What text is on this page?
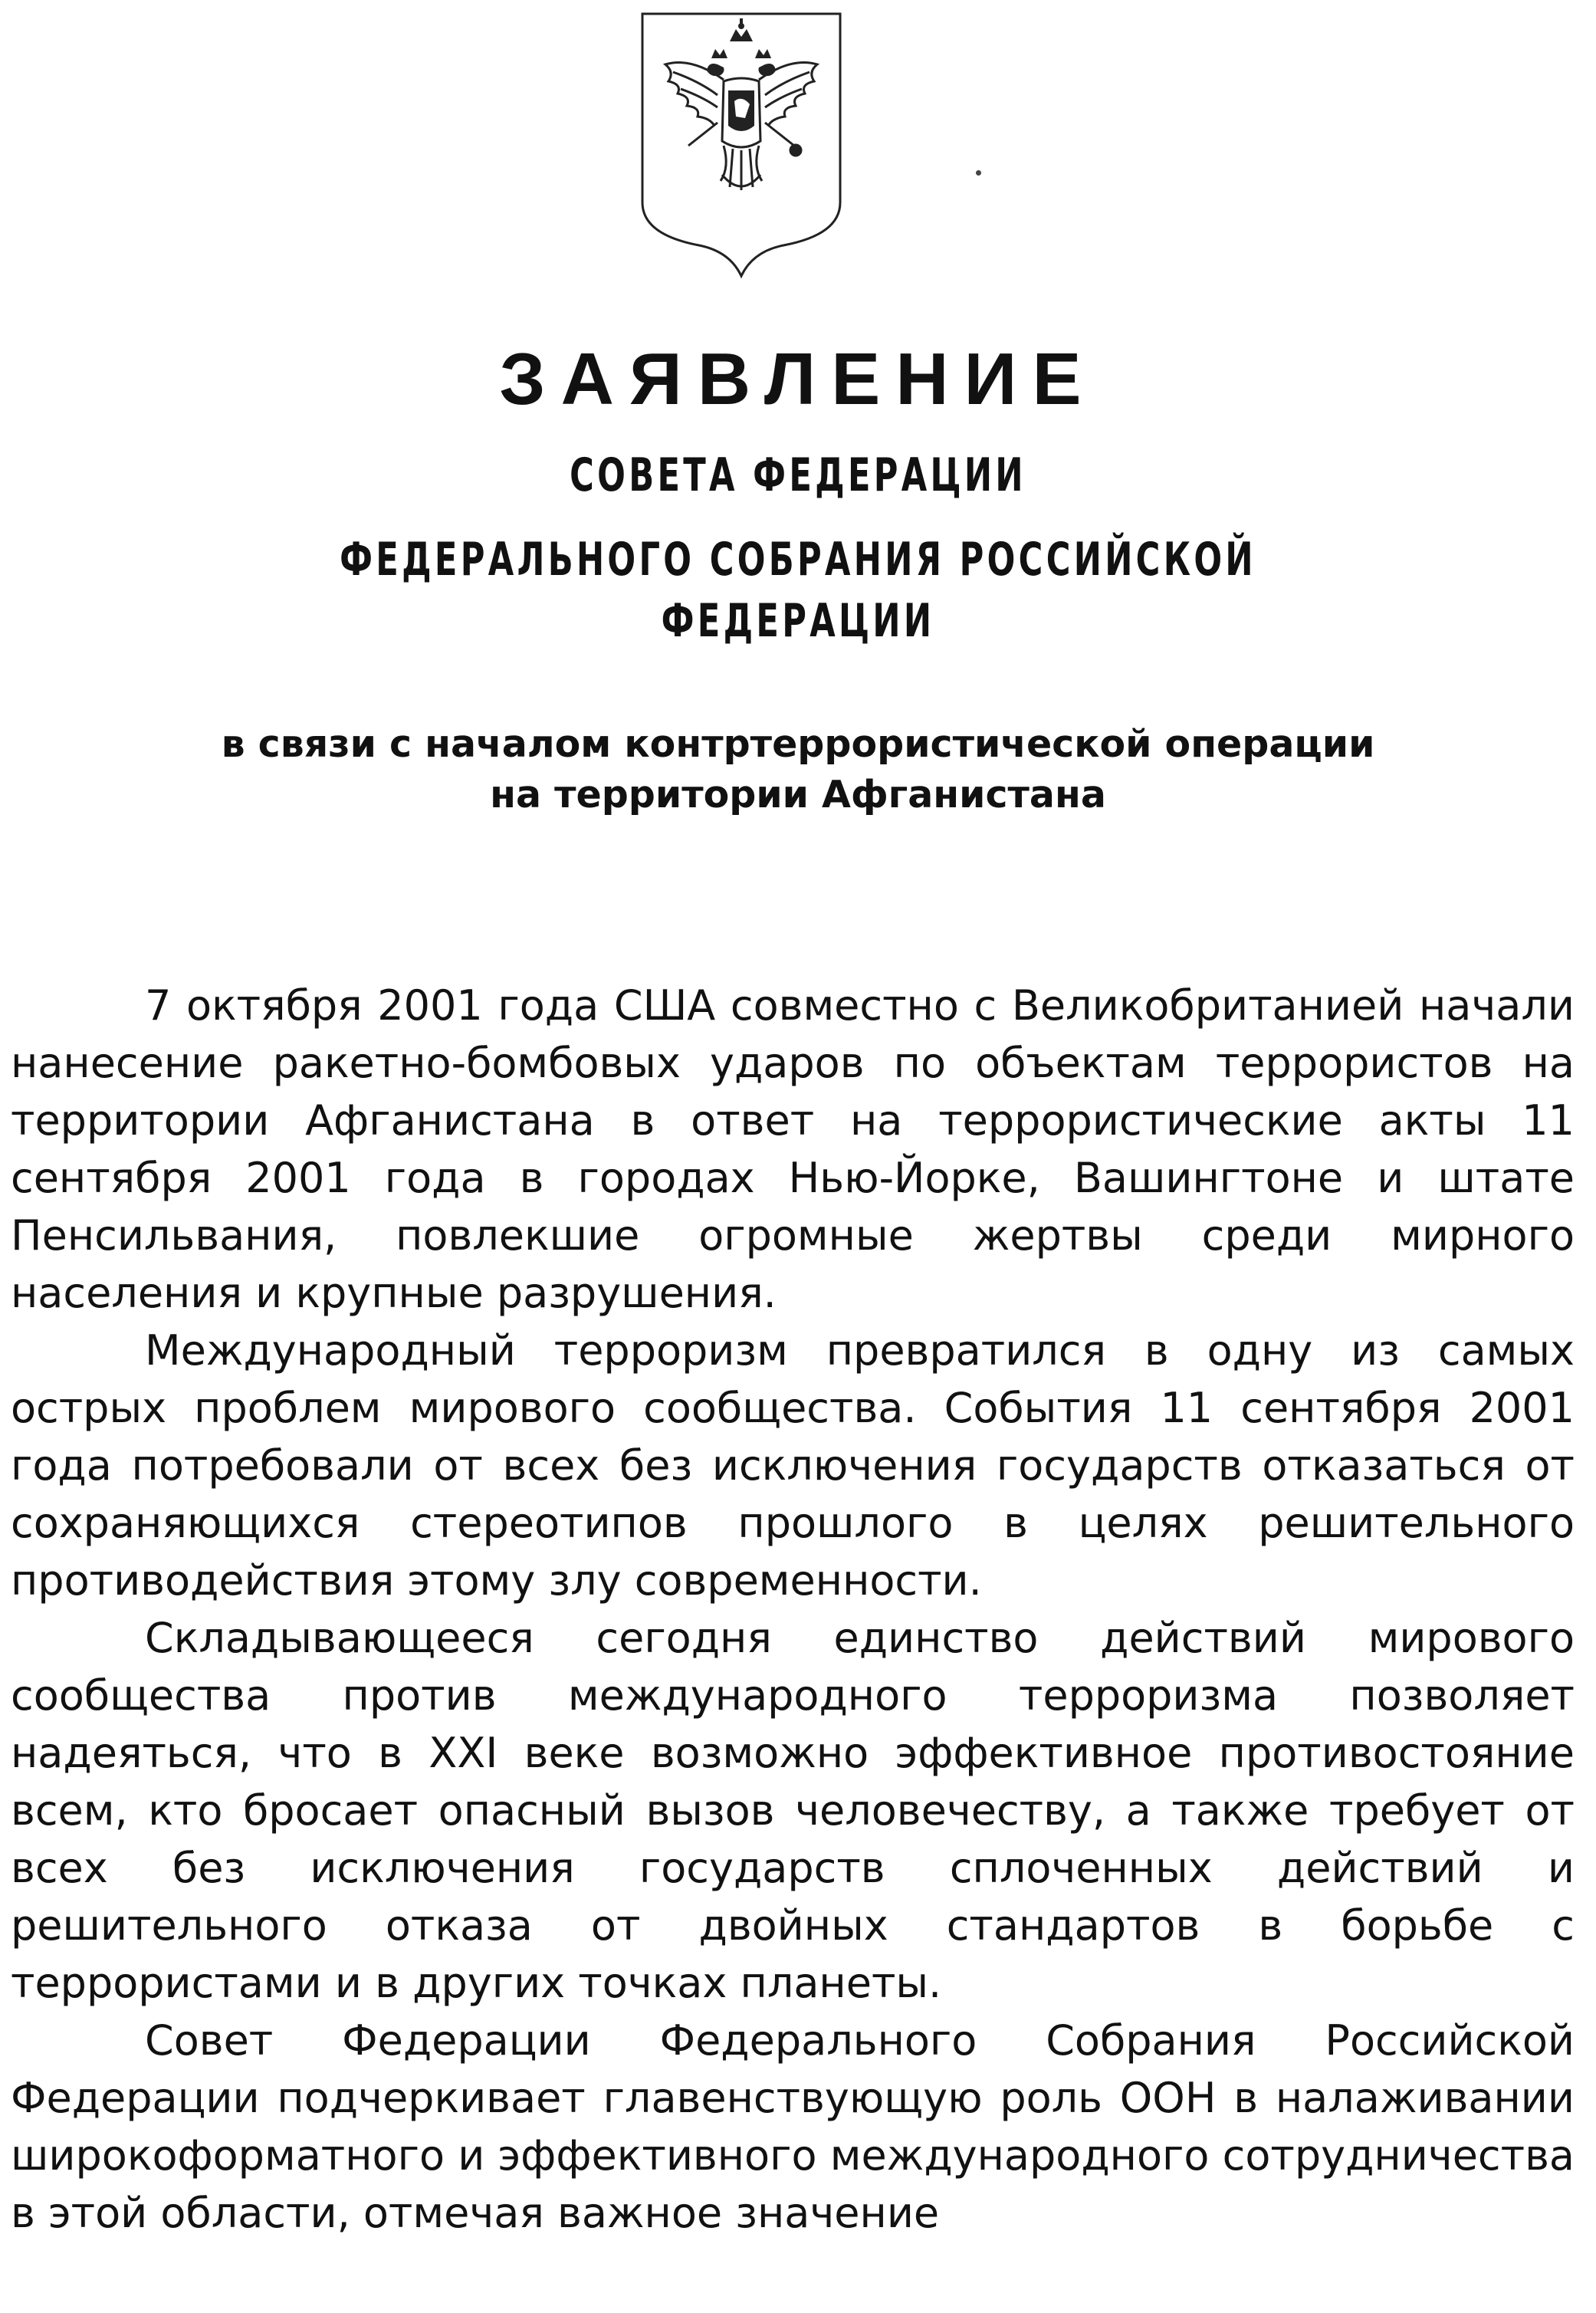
ЗАЯВЛЕНИЕ
СОВЕТА ФЕДЕРАЦИИ
ФЕДЕРАЛЬНОГО СОБРАНИЯ РОССИЙСКОЙ ФЕДЕРАЦИИ
в связи с началом контртеррористической операции
на территории Афганистана

7 октября 2001 года США совместно с Великобританией начали нанесение ракетно-бомбовых ударов по объектам террористов на территории Афганистана в ответ на террористические акты 11 сентября 2001 года в городах Нью-Йорке, Вашингтоне и штате Пенсильвания, повлекшие огромные жертвы среди мирного населения и крупные разрушения.

Международный терроризм превратился в одну из самых острых проблем мирового сообщества. События 11 сентября 2001 года потребовали от всех без исключения государств отказаться от сохраняющихся стереотипов прошлого в целях решительного противодействия этому злу современности.

Складывающееся сегодня единство действий мирового сообщества против международного терроризма позволяет надеяться, что в XXI веке возможно эффективное противостояние всем, кто бросает опасный вызов человечеству, а также требует от всех без исключения государств сплоченных действий и решительного отказа от двойных стандартов в борьбе с террористами и в других точках планеты.

Совет Федерации Федерального Собрания Российской Федерации подчеркивает главенствующую роль ООН в налаживании широкоформатного и эффективного международного сотрудничества в этой области, отмечая важное значение
